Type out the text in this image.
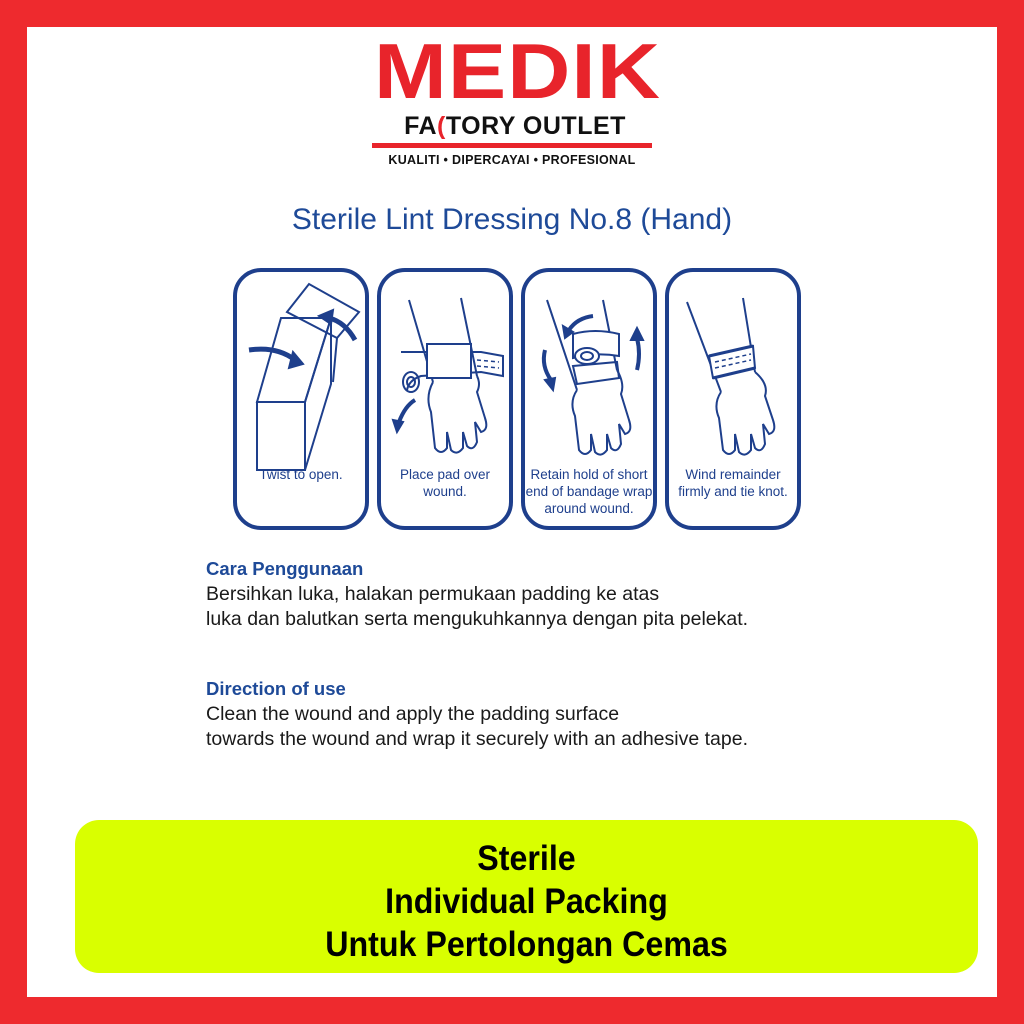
MEDIK
FA(TORY OUTLET
KUALITI • DIPERCAYAI • PROFESIONAL
Sterile Lint Dressing No.8 (Hand)
Twist to open.	Place pad over
wound.
Retain hold of short
end of bandage wrap
around wound.
Wind remainder
firmly and tie knot.
Cara Penggunaan
Bersihkan luka, halakan permukaan padding ke atas
luka dan balutkan serta mengukuhkannya dengan pita pelekat.
Direction of use
Clean the wound and apply the padding surface
towards the wound and wrap it securely with an adhesive tape.
Sterile
Individual Packing
Untuk Pertolongan Cemas
